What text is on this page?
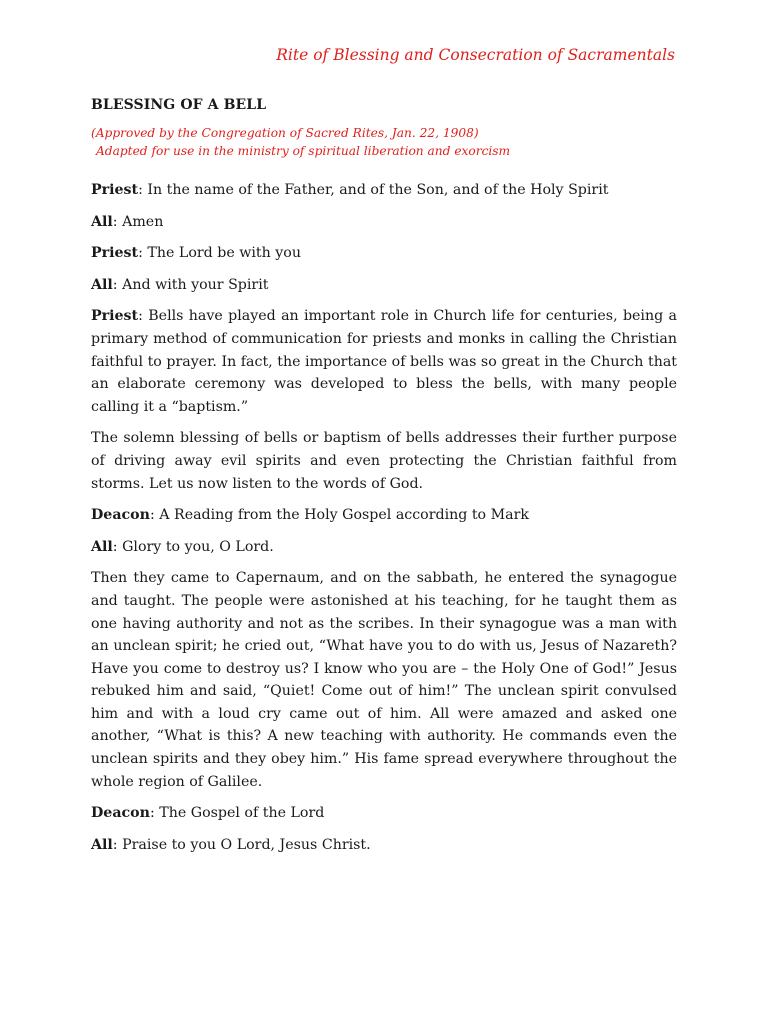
Rite of Blessing and Consecration of Sacramentals
BLESSING OF A BELL
(Approved by the Congregation of Sacred Rites, Jan. 22, 1908)
Adapted for use in the ministry of spiritual liberation and exorcism

Priest: In the name of the Father, and of the Son, and of the Holy Spirit

All: Amen

Priest: The Lord be with you

All: And with your Spirit

Priest: Bells have played an important role in Church life for centuries, being a primary method of communication for priests and monks in calling the Christian faithful to prayer. In fact, the importance of bells was so great in the Church that an elaborate ceremony was developed to bless the bells, with many people calling it a “baptism.”

The solemn blessing of bells or baptism of bells addresses their further purpose of driving away evil spirits and even protecting the Christian faithful from storms. Let us now listen to the words of God.

Deacon: A Reading from the Holy Gospel according to Mark

All: Glory to you, O Lord.

Then they came to Capernaum, and on the sabbath, he entered the synagogue and taught. The people were astonished at his teaching, for he taught them as one having authority and not as the scribes. In their synagogue was a man with an unclean spirit; he cried out, “What have you to do with us, Jesus of Nazareth? Have you come to destroy us? I know who you are – the Holy One of God!” Jesus rebuked him and said, “Quiet! Come out of him!” The unclean spirit convulsed him and with a loud cry came out of him. All were amazed and asked one another, “What is this? A new teaching with authority. He commands even the unclean spirits and they obey him.” His fame spread everywhere throughout the whole region of Galilee.

Deacon: The Gospel of the Lord

All: Praise to you O Lord, Jesus Christ.
